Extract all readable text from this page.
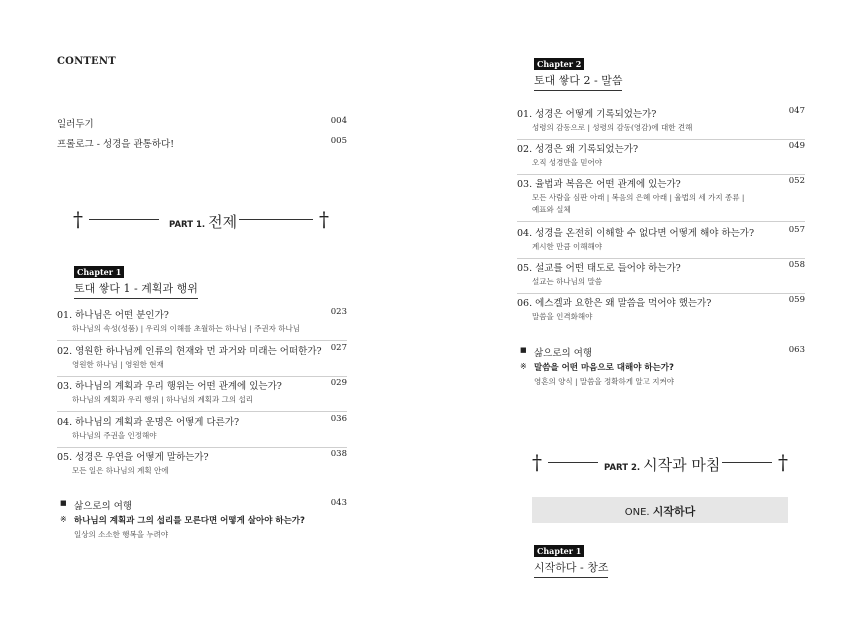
CONTENT
일러두기	004
프롤로그 - 성경을 관통하다!	005
†	PART 1. 전제	†
Chapter 1
토대 쌓다 1 - 계획과 행위
01. 하나님은 어떤 분인가?	023
하나님의 속성(성품) | 우리의 이해를 초월하는 하나님 | 주권자 하나님
02. 영원한 하나님께 인류의 현재와 먼 과거와 미래는 어떠한가? 027
영원한 하나님 | 영원한 현재
03. 하나님의 계획과 우리 행위는 어떤 관계에 있는가?	029
하나님의 계획과 우리 행위 | 하나님의 계획과 그의 섭리
04. 하나님의 계획과 운명은 어떻게 다른가?	036
하나님의 주권을 인정해야
05. 성경은 우연을 어떻게 말하는가?	038
모든 일은 하나님의 계획 안에
■ 삶으로의 여행	043
※ 하나님의 계획과 그의 섭리를 모른다면 어떻게 살아야 하는가?
일상의 소소한 행복을 누려야
Chapter 2
토대 쌓다 2 - 말씀
01. 성경은 어떻게 기록되었는가?	047
성령의 감동으로 | 성령의 감동(영감)에 대한 견해
02. 성경은 왜 기록되었는가?	049
오직 성경만을 믿어야
03. 율법과 복음은 어떤 관계에 있는가?	052
모든 사람을 심판 아래 | 복음의 은혜 아래 | 율법의 세 가지 종류 |
예표와 실체
04. 성경을 온전히 이해할 수 없다면 어떻게 해야 하는가?	057
계시한 만큼 이해해야
05. 설교를 어떤 태도로 들어야 하는가?	058
설교는 하나님의 말씀
06. 에스겔과 요한은 왜 말씀을 먹어야 했는가?	059
말씀을 인격화해야
■ 삶으로의 여행	063
※ 말씀을 어떤 마음으로 대해야 하는가?
영혼의 양식 | 말씀을 정확하게 알고 지켜야
†	PART 2. 시작과 마침	†
ONE. 시작하다
Chapter 1
시작하다 - 창조
